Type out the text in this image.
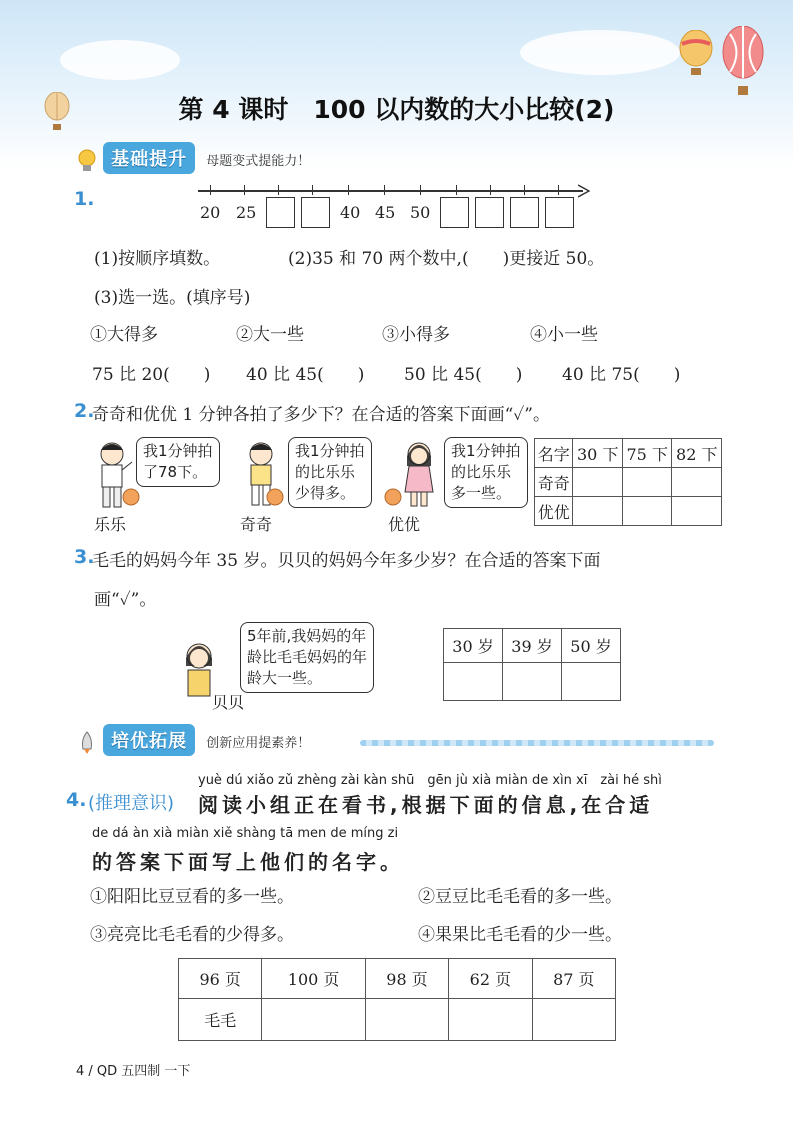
第 4 课时　100 以内数的大小比较(2)
基础提升 母题变式提能力！
1.
20 25	40 45 50
(1)按顺序填数。	(2)35 和 70 两个数中,(　　)更接近 50。
(3)选一选。(填序号)
①大得多	②大一些	③小得多	④小一些
75 比 20(　　) 40 比 45(　　) 50 比 45(　　) 40 比 75(　　)
2.
奇奇和优优 1 分钟各拍了多少下？在合适的答案下面画“✓”。
我1分钟拍
了78下。
乐乐
我1分钟拍
的比乐乐
少得多。
奇奇
我1分钟拍
的比乐乐
多一些。
优优
名字	30 下	75 下	82 下
奇奇			
优优			
3.
毛毛的妈妈今年 35 岁。贝贝的妈妈今年多少岁？在合适的答案下面
画“✓”。
5年前,我妈妈的年
龄比毛毛妈妈的年
龄大一些。
贝贝
30 岁	39 岁	50 岁

培优拓展 创新应用提素养！
yuè dú xiǎo zǔ zhèng zài kàn shū　gēn jù xià miàn de xìn xī　zài hé shì
4. (推理意识) 阅读小组正在看书,根据下面的信息,在合适
de dá àn xià miàn xiě shàng tā men de míng zi
的答案下面写上他们的名字。
①阳阳比豆豆看的多一些。	②豆豆比毛毛看的多一些。
③亮亮比毛毛看的少得多。	④果果比毛毛看的少一些。
96 页	100 页	98 页	62 页	87 页
毛毛				
4 / QD 五四制 一下
